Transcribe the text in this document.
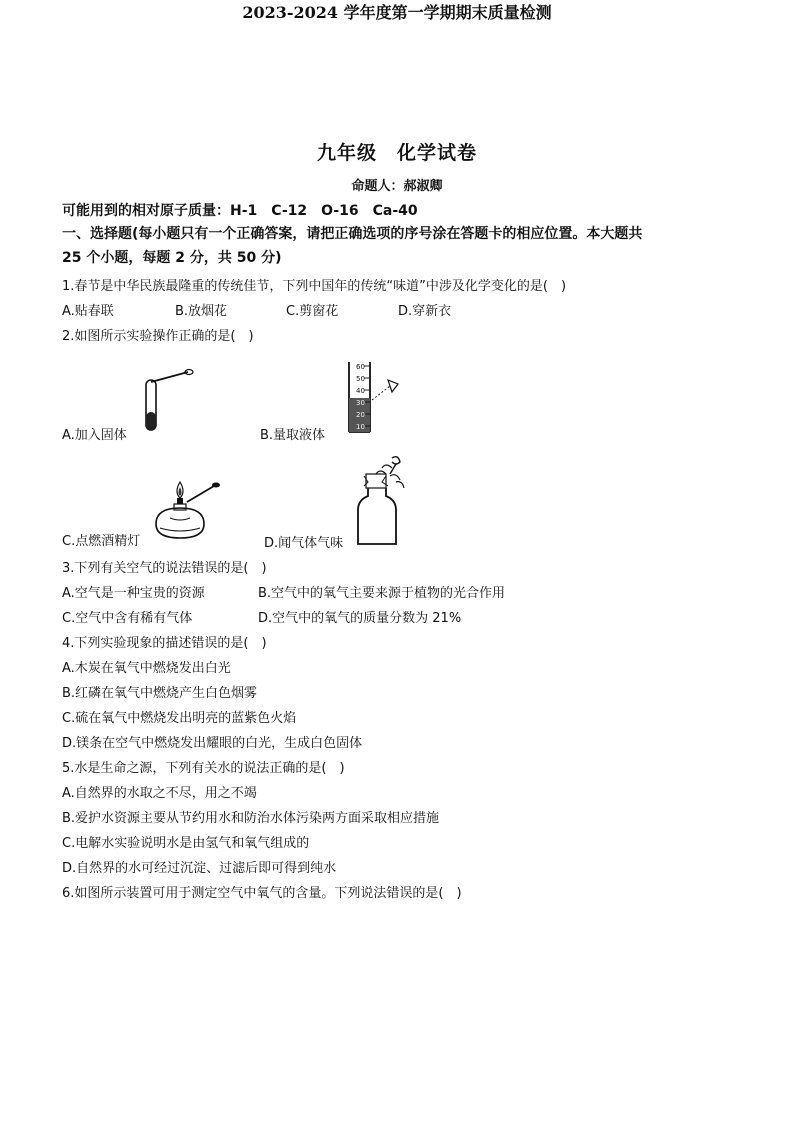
2023-2024 学年度第一学期期末质量检测
九年级　化学试卷
命题人：郝淑卿
可能用到的相对原子质量：H-1　C-12　O-16　Ca-40
一、选择题(每小题只有一个正确答案，请把正确选项的序号涂在答题卡的相应位置。本大题共
25 个小题，每题 2 分，共 50 分)
1.春节是中华民族最隆重的传统佳节，下列中国年的传统“味道”中涉及化学变化的是(　)
A.贴春联	B.放烟花	C.剪窗花	D.穿新衣
2.如图所示实验操作正确的是(　)
A.加入固体
60
50
40
30
20
10
B.量取液体
C.点燃酒精灯	D.闻气体气味
3.下列有关空气的说法错误的是(　)
A.空气是一种宝贵的资源	B.空气中的氧气主要来源于植物的光合作用
C.空气中含有稀有气体	D.空气中的氧气的质量分数为 21%
4.下列实验现象的描述错误的是(　)
A.木炭在氧气中燃烧发出白光
B.红磷在氧气中燃烧产生白色烟雾
C.硫在氧气中燃烧发出明亮的蓝紫色火焰
D.镁条在空气中燃烧发出耀眼的白光，生成白色固体
5.水是生命之源，下列有关水的说法正确的是(　)
A.自然界的水取之不尽，用之不竭
B.爱护水资源主要从节约用水和防治水体污染两方面采取相应措施
C.电解水实验说明水是由氢气和氧气组成的
D.自然界的水可经过沉淀、过滤后即可得到纯水
6.如图所示装置可用于测定空气中氧气的含量。下列说法错误的是(　)
